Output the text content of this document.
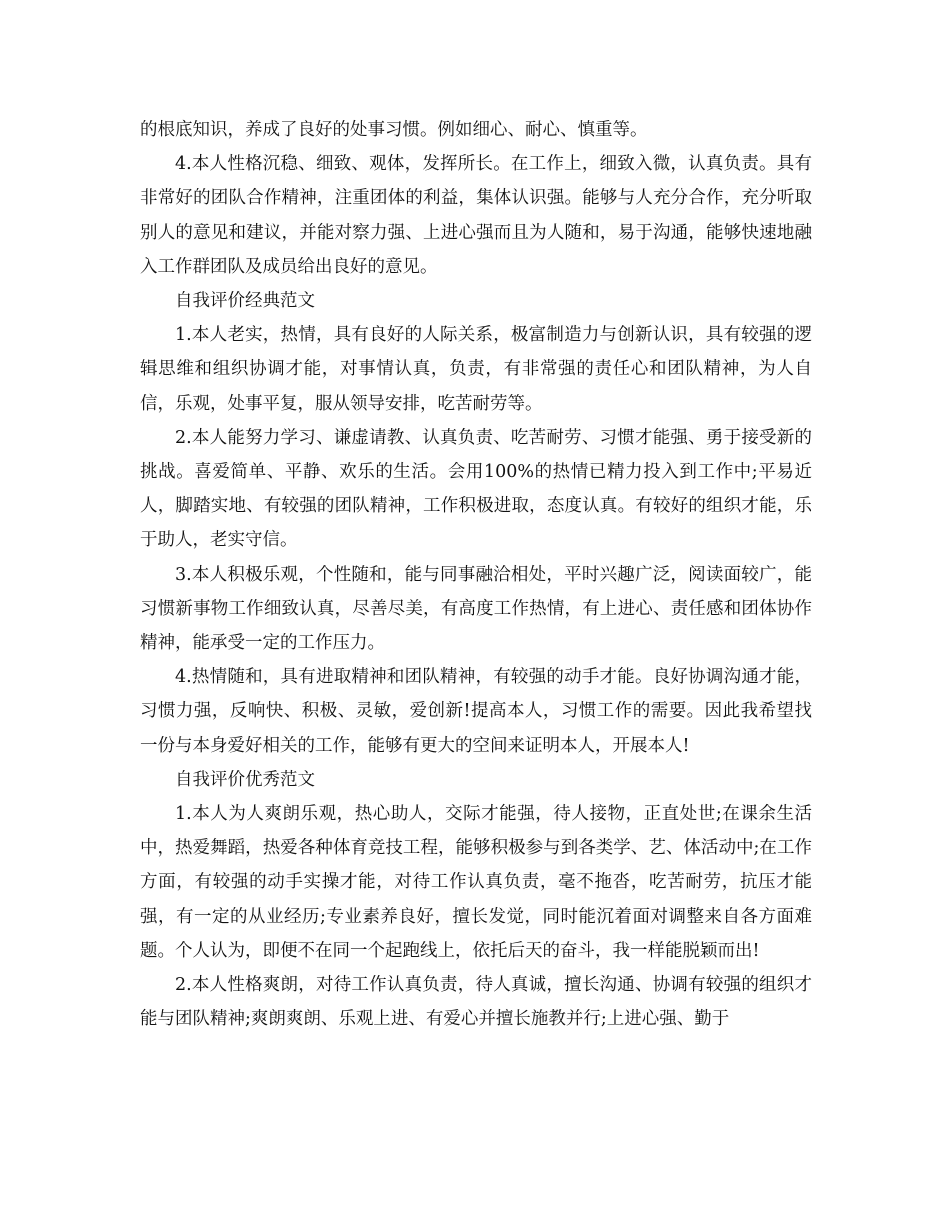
的根底知识，养成了良好的处事习惯。例如细心、耐心、慎重等。

4.本人性格沉稳、细致、观体，发挥所长。在工作上，细致入微，认真负责。具有非常好的团队合作精神，注重团体的利益，集体认识强。能够与人充分合作，充分听取别人的意见和建议，并能对察力强、上进心强而且为人随和，易于沟通，能够快速地融入工作群团队及成员给出良好的意见。

自我评价经典范文

1.本人老实，热情，具有良好的人际关系，极富制造力与创新认识，具有较强的逻辑思维和组织协调才能，对事情认真，负责，有非常强的责任心和团队精神，为人自信，乐观，处事平复，服从领导安排，吃苦耐劳等。

2.本人能努力学习、谦虚请教、认真负责、吃苦耐劳、习惯才能强、勇于接受新的挑战。喜爱简单、平静、欢乐的生活。会用100%的热情已精力投入到工作中;平易近人，脚踏实地、有较强的团队精神，工作积极进取，态度认真。有较好的组织才能，乐于助人，老实守信。

3.本人积极乐观，个性随和，能与同事融洽相处，平时兴趣广泛，阅读面较广，能习惯新事物工作细致认真，尽善尽美，有高度工作热情，有上进心、责任感和团体协作精神，能承受一定的工作压力。

4.热情随和，具有进取精神和团队精神，有较强的动手才能。良好协调沟通才能，习惯力强，反响快、积极、灵敏，爱创新!提高本人，习惯工作的需要。因此我希望找一份与本身爱好相关的工作，能够有更大的空间来证明本人，开展本人!

自我评价优秀范文

1.本人为人爽朗乐观，热心助人，交际才能强，待人接物，正直处世;在课余生活中，热爱舞蹈，热爱各种体育竞技工程，能够积极参与到各类学、艺、体活动中;在工作方面，有较强的动手实操才能，对待工作认真负责，毫不拖沓，吃苦耐劳，抗压才能强，有一定的从业经历;专业素养良好，擅长发觉，同时能沉着面对调整来自各方面难题。个人认为，即便不在同一个起跑线上，依托后天的奋斗，我一样能脱颖而出!

2.本人性格爽朗，对待工作认真负责，待人真诚，擅长沟通、协调有较强的组织才能与团队精神;爽朗爽朗、乐观上进、有爱心并擅长施教并行;上进心强、勤于
